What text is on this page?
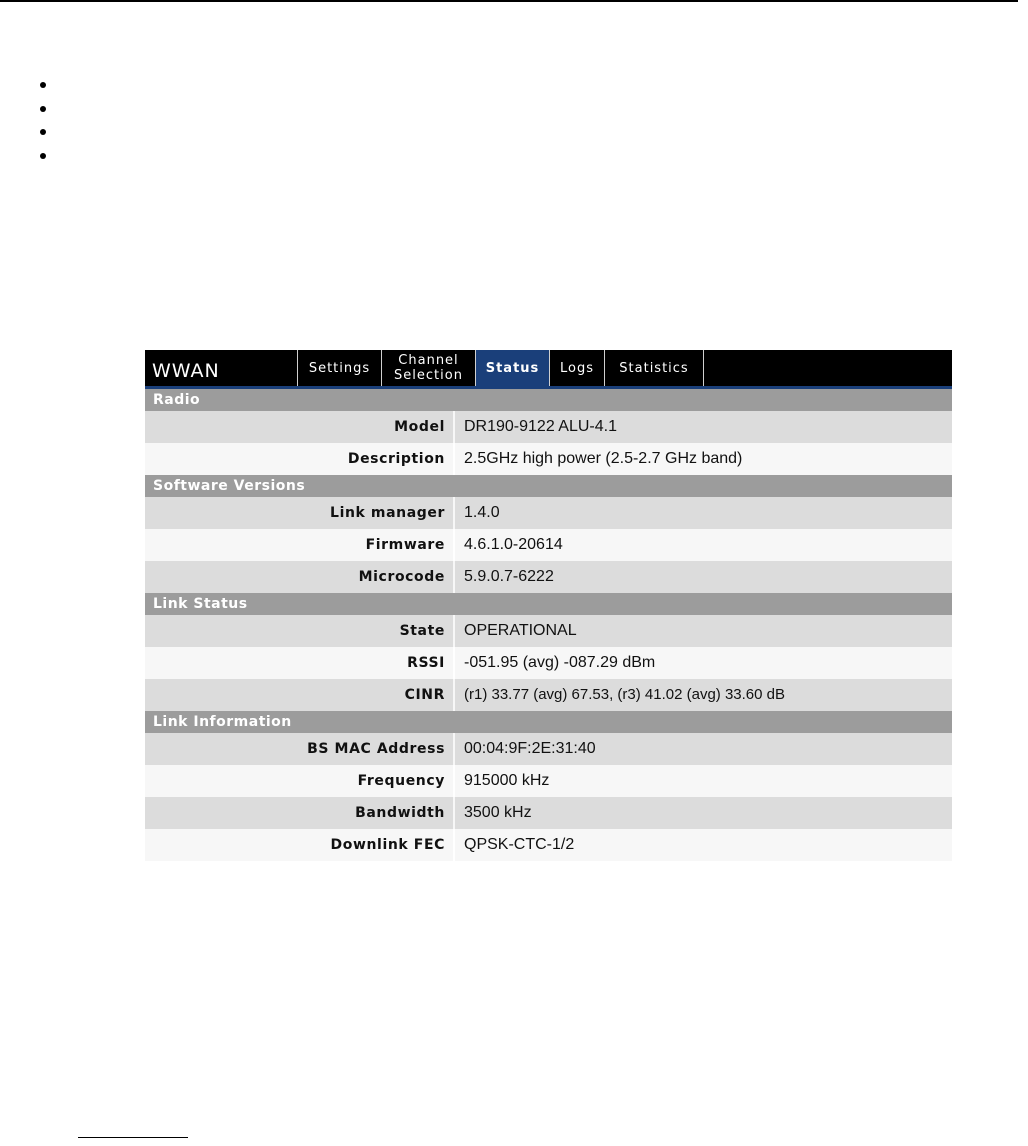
WWAN	Settings	Channel
Selection	Status	Logs	Statistics
Radio
Model	DR190-9122 ALU-4.1
Description	2.5GHz high power (2.5-2.7 GHz band)
Software Versions
Link manager	1.4.0
Firmware	4.6.1.0-20614
Microcode	5.9.0.7-6222
Link Status
State	OPERATIONAL
RSSI	-051.95 (avg) -087.29 dBm
CINR	(r1) 33.77 (avg) 67.53, (r3) 41.02 (avg) 33.60 dB
Link Information
BS MAC Address	00:04:9F:2E:31:40
Frequency	915000 kHz
Bandwidth	3500 kHz
Downlink FEC	QPSK-CTC-1/2
